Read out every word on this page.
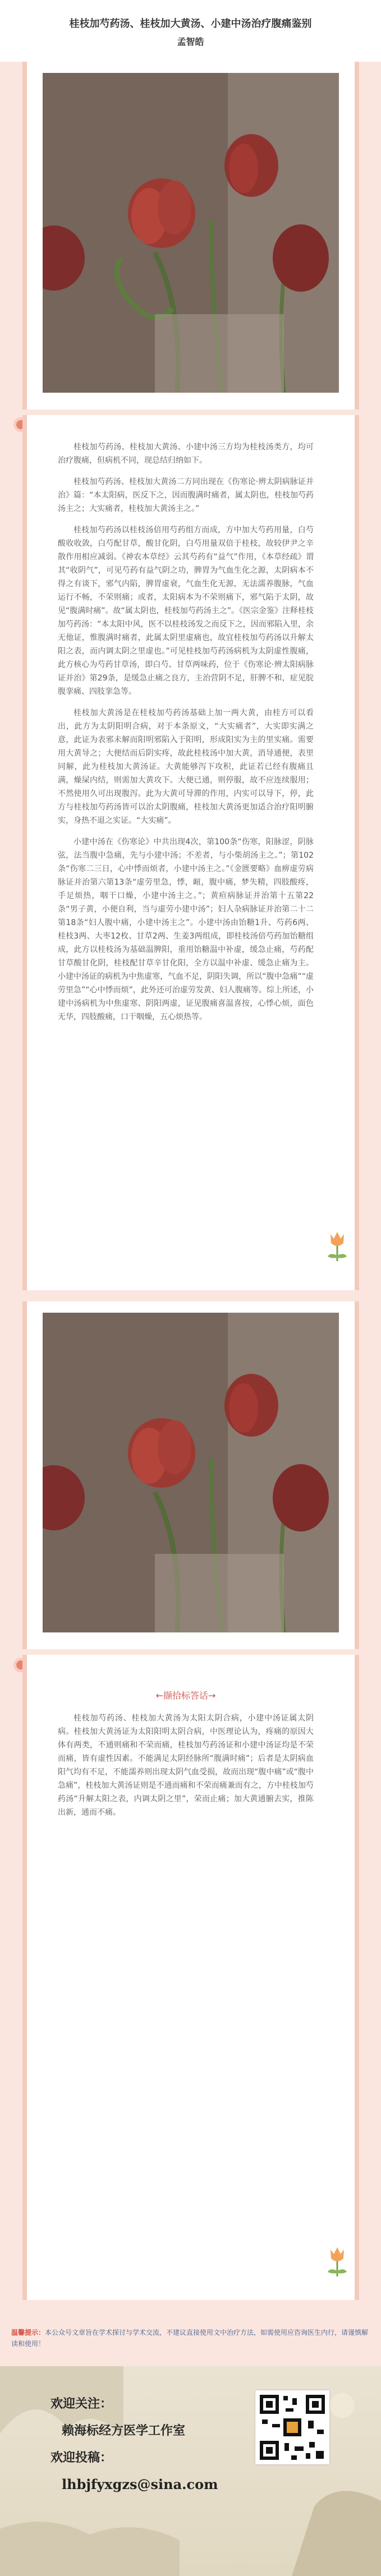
桂枝加芍药汤、桂枝加大黄汤、小建中汤治疗腹痛鉴别
孟智皓

桂枝加芍药汤、桂枝加大黄汤、小建中汤三方均为桂枝汤类方，均可治疗腹痛，但病机不同，现总结归纳如下。

桂枝加芍药汤、桂枝加大黄汤二方同出现在《伤寒论·辨太阴病脉证并治》篇：“本太阳病，医反下之，因而腹满时痛者，属太阴也，桂枝加芍药汤主之；大实痛者，桂枝加大黄汤主之。”

桂枝加芍药汤以桂枝汤倍用芍药组方而成，方中加大芍药用量，白芍酸收收敛，白芍配甘草，酸甘化阴，白芍用量双倍于桂枝，故较伊尹之辛散作用相应减弱。《神农本草经》云其芍药有“益气”作用，《本草经疏》谓其“收阴气”，可见芍药有益气阴之功，脾胃为气血生化之源，太阴病本不得之有谈下，邪气内陷，脾胃虚衰，气血生化无源，无法濡养腹脉，气血运行不畅，不荣则痛；或者，太阳病本为不荣则痛下，邪气陷于太阴，故见“腹满时痛”。故“属太阴也，桂枝加芍药汤主之”。《医宗金鉴》注释桂枝加芍药汤：“本太阳中风，医不以桂枝汤发之而反下之，因而邪陷入里，余无他证，惟腹满时痛者，此属太阴里虚痛也，故宜桂枝加芍药汤以升解太阳之表，而内调太阴之里虚也。”可见桂枝加芍药汤病机为太阴虚性腹痛，此方核心为芍药甘草汤，即白芍、甘草两味药，位于《伤寒论·辨太阳病脉证并治》第29条，是缓急止痛之良方，主治营阴不足，肝脾不和，症见脘腹挛痛、四肢挛急等。

桂枝加大黄汤是在桂枝加芍药汤基础上加一两大黄，由桂方可以看出，此方为太阴阳明合病，对于本条原文，“大实痛者”，大实即实满之意，此证为表邪未解而阳明邪陷入于阳明，形成阳实为主的里实痛。需要用大黄导之；大便结而后阴实疼，故此桂枝汤中加大黄，消导通便，表里同解，此为桂枝加大黄汤证。大黄能够泻下攻积，此证若已经有腹痛且满，燥屎内结，则需加大黄攻下。大便已通，则停服，故不应连续服用；不然使用久可出现腹泻。此为大黄可导滞的作用，内实可以导下，停，此方与桂枝加芍药汤皆可以治太阴腹痛，桂枝加大黄汤更加适合治疗阳明腑实，身热不退之实证。“大实痛”。

小建中汤在《伤寒论》中共出现4次，第100条“伤寒，阳脉涩，阴脉弦，法当腹中急痛，先与小建中汤；不差者，与小柴胡汤主之。”；第102条“伤寒二三日，心中悸而烦者，小建中汤主之。”《金匮要略》血痹虚劳病脉证并治第六第13条“虚劳里急，悸，衄，腹中痛，梦失精，四肢酸疼，手足烦热，咽干口燥，小建中汤主之。”；黄疸病脉证并治第十五第22条“男子黄，小便自利，当与虚劳小建中汤”；妇人杂病脉证并治第二十二第18条“妇人腹中痛，小建中汤主之”。小建中汤由饴糖1升、芍药6两、桂枝3两、大枣12枚、甘草2两、生姜3两组成，即桂枝汤倍芍药加饴糖组成，此方以桂枝汤为基础温脾阳，重用饴糖温中补虚，缓急止痛，芍药配甘草酸甘化阴，桂枝配甘草辛甘化阳，全方以温中补虚、缓急止痛为主。小建中汤证的病机为中焦虚寒，气血不足，阴阳失调，所以“腹中急痛”“虚劳里急”“心中悸而烦”，此外还可治虚劳发黄、妇人腹痛等。综上所述，小建中汤病机为中焦虚寒、阴阳两虚，证见腹痛喜温喜按，心悸心烦，面色无华，四肢酸痛，口干咽燥，五心烦热等。

←撷拾标答话→

桂枝加芍药汤、桂枝加大黄汤为太阳太阴合病，小建中汤证属太阴病。桂枝加大黄汤证为太阳阳明太阴合病，中医理论认为，疼痛的原因大体有两类，不通则痛和不荣而痛，桂枝加芍药汤证和小建中汤证均是不荣而痛，皆有虚性因素。不能满足太阴经脉所“腹满时痛”；后者是太阴病血阳气均有不足，不能濡养则出现太阴气血受损，故而出现“腹中痛”或“腹中急痛”，桂枝加大黄汤证则是不通而痛和不荣而痛兼而有之，方中桂枝加芍药汤“升解太阳之表，内调太阴之里”，荣而止痛；加大黄通腑去实，推陈出新，通而不痛。

温馨提示：本公众号文章旨在学术探讨与学术交流，不建议直接使用文中治疗方法，如需使用应咨询医生内行，请谨慎解读和使用！
欢迎关注：
赖海标经方医学工作室
欢迎投稿：
lhbjfyxgzs@sina.com
